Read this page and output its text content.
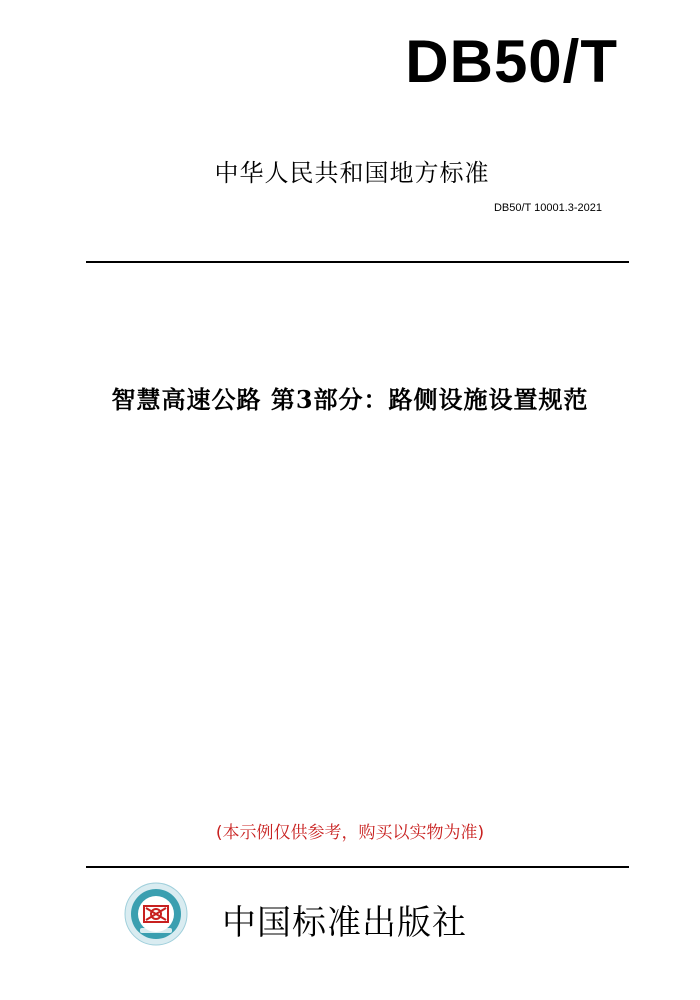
DB50/T
中华人民共和国地方标准
DB50/T 10001.3-2021
智慧高速公路 第3部分：路侧设施设置规范
(本示例仅供参考，购买以实物为准)
中国标准出版社
